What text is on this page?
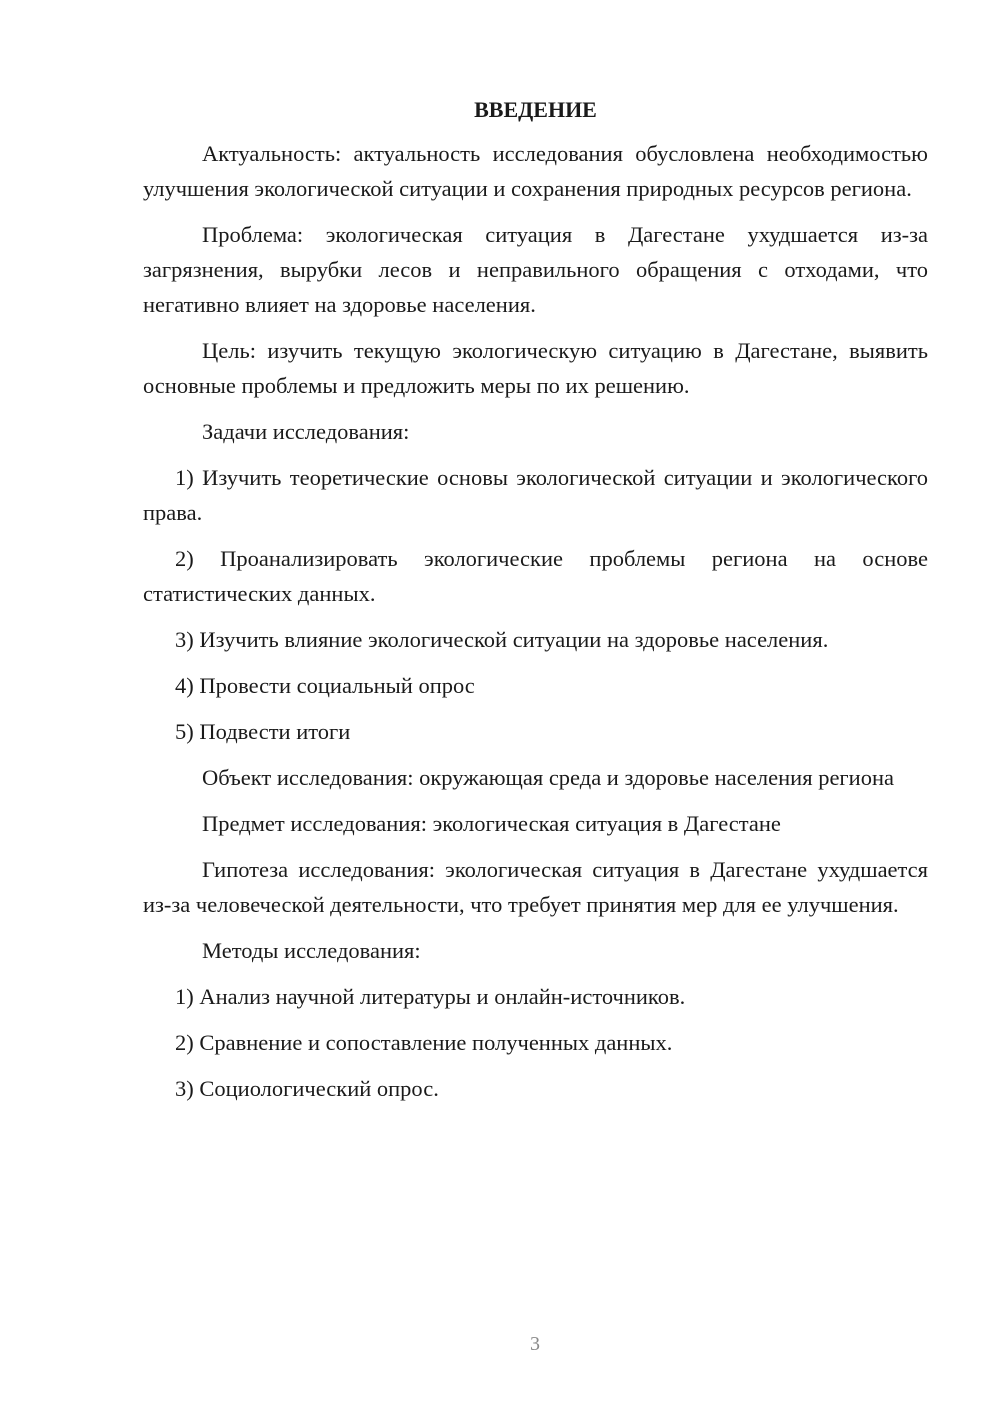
ВВЕДЕНИЕ

Актуальность: актуальность исследования обусловлена необходимостью улучшения экологической ситуации и сохранения природных ресурсов региона.

Проблема: экологическая ситуация в Дагестане ухудшается из-за загрязнения, вырубки лесов и неправильного обращения с отходами, что негативно влияет на здоровье населения.

Цель: изучить текущую экологическую ситуацию в Дагестане, выявить основные проблемы и предложить меры по их решению.

Задачи исследования:

1) Изучить теоретические основы экологической ситуации и экологического права.

2) Проанализировать экологические проблемы региона на основе статистических данных.

3) Изучить влияние экологической ситуации на здоровье населения.

4) Провести социальный опрос

5) Подвести итоги

Объект исследования: окружающая среда и здоровье населения региона

Предмет исследования: экологическая ситуация в Дагестане

Гипотеза исследования: экологическая ситуация в Дагестане ухудшается из-за человеческой деятельности, что требует принятия мер для ее улучшения.

Методы исследования:

1) Анализ научной литературы и онлайн-источников.

2) Сравнение и сопоставление полученных данных.

3) Социологический опрос.

3
